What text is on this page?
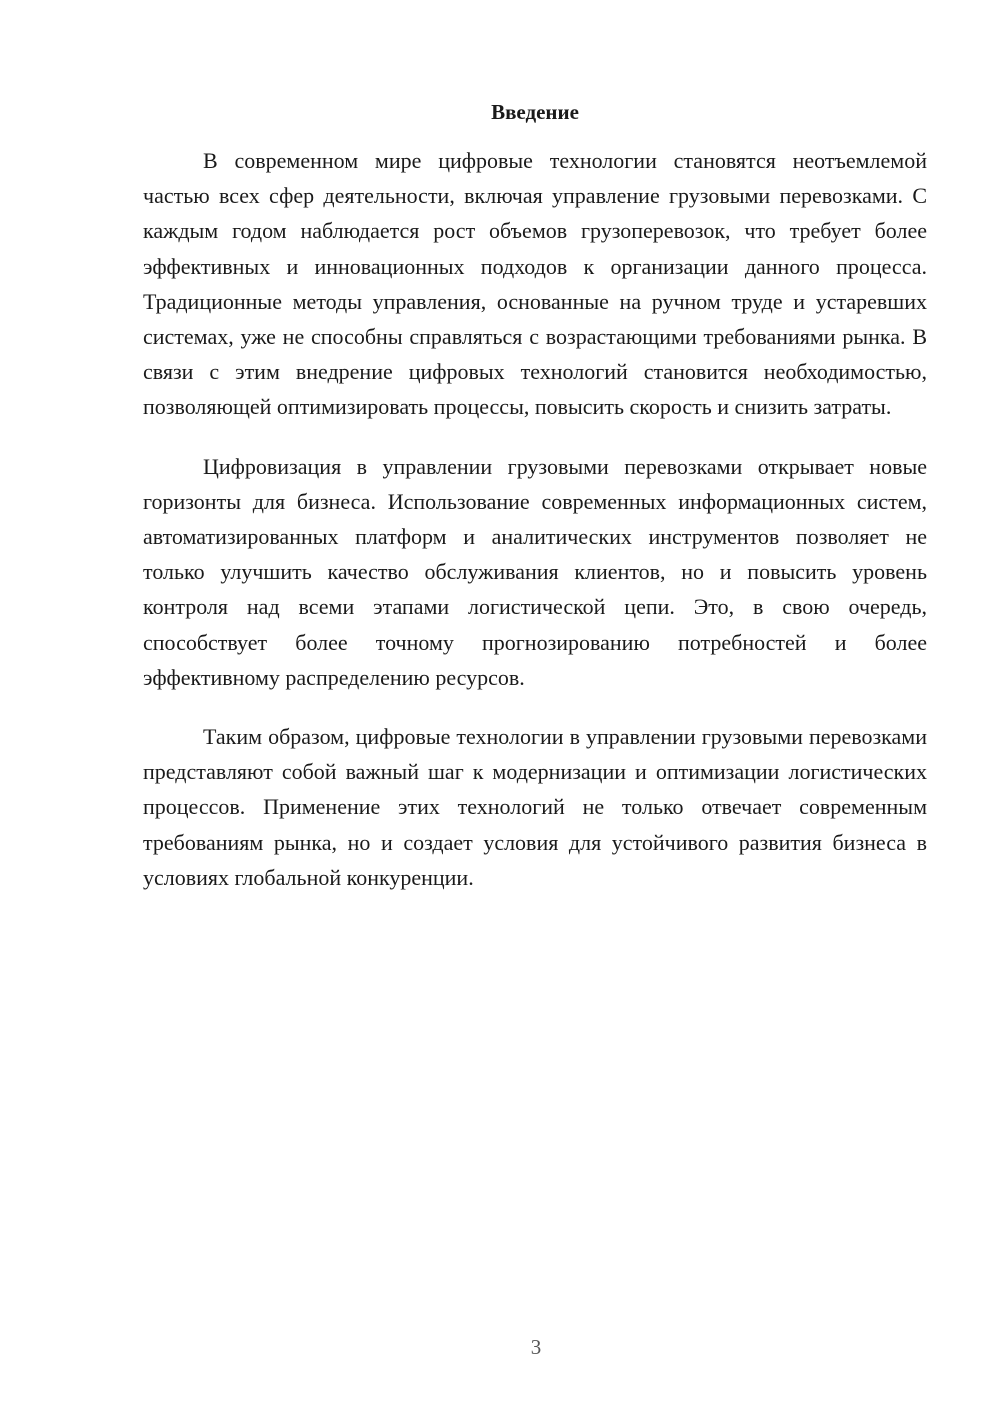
Введение

В современном мире цифровые технологии становятся неотъемлемой частью всех сфер деятельности, включая управление грузовыми перевозками. С каждым годом наблюдается рост объемов грузоперевозок, что требует более эффективных и инновационных подходов к организации данного процесса. Традиционные методы управления, основанные на ручном труде и устаревших системах, уже не способны справляться с возрастающими требованиями рынка. В связи с этим внедрение цифровых технологий становится необходимостью, позволяющей оптимизировать процессы, повысить скорость и снизить затраты.

Цифровизация в управлении грузовыми перевозками открывает новые горизонты для бизнеса. Использование современных информационных систем, автоматизированных платформ и аналитических инструментов позволяет не только улучшить качество обслуживания клиентов, но и повысить уровень контроля над всеми этапами логистической цепи. Это, в свою очередь, способствует более точному прогнозированию потребностей и более эффективному распределению ресурсов.

Таким образом, цифровые технологии в управлении грузовыми перевозками представляют собой важный шаг к модернизации и оптимизации логистических процессов. Применение этих технологий не только отвечает современным требованиям рынка, но и создает условия для устойчивого развития бизнеса в условиях глобальной конкуренции.

3
